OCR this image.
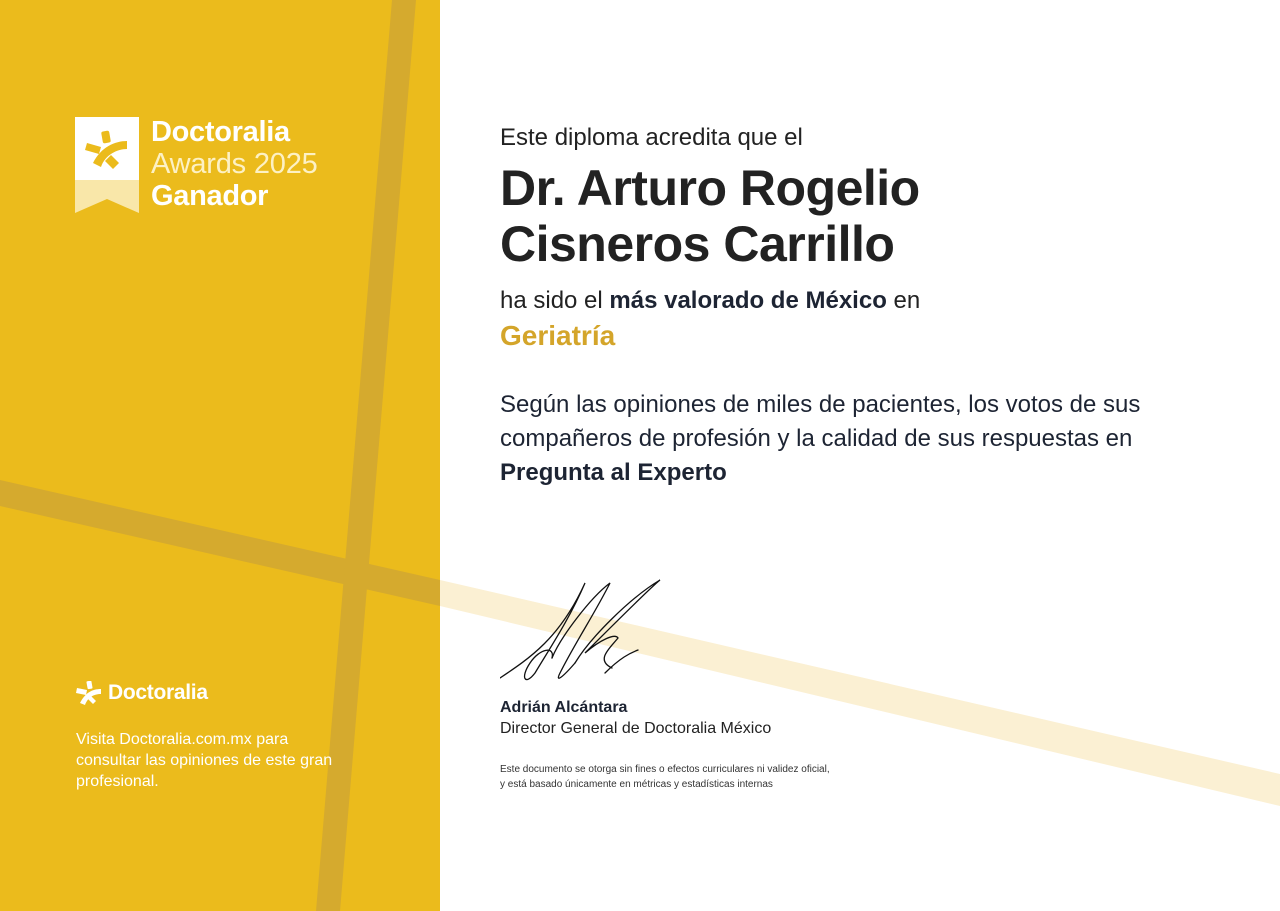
Doctoralia
Awards 2025
Ganador
Doctoralia
Visita Doctoralia.com.mx para consultar las opiniones de este gran profesional.
Este diploma acredita que el
Dr. Arturo Rogelio
Cisneros Carrillo
ha sido el más valorado de México en
Geriatría
Según las opiniones de miles de pacientes, los votos de sus compañeros de profesión y la calidad de sus respuestas en Pregunta al Experto
Adrián Alcántara
Director General de Doctoralia México
Este documento se otorga sin fines o efectos curriculares ni validez oficial,
y está basado únicamente en métricas y estadísticas internas
